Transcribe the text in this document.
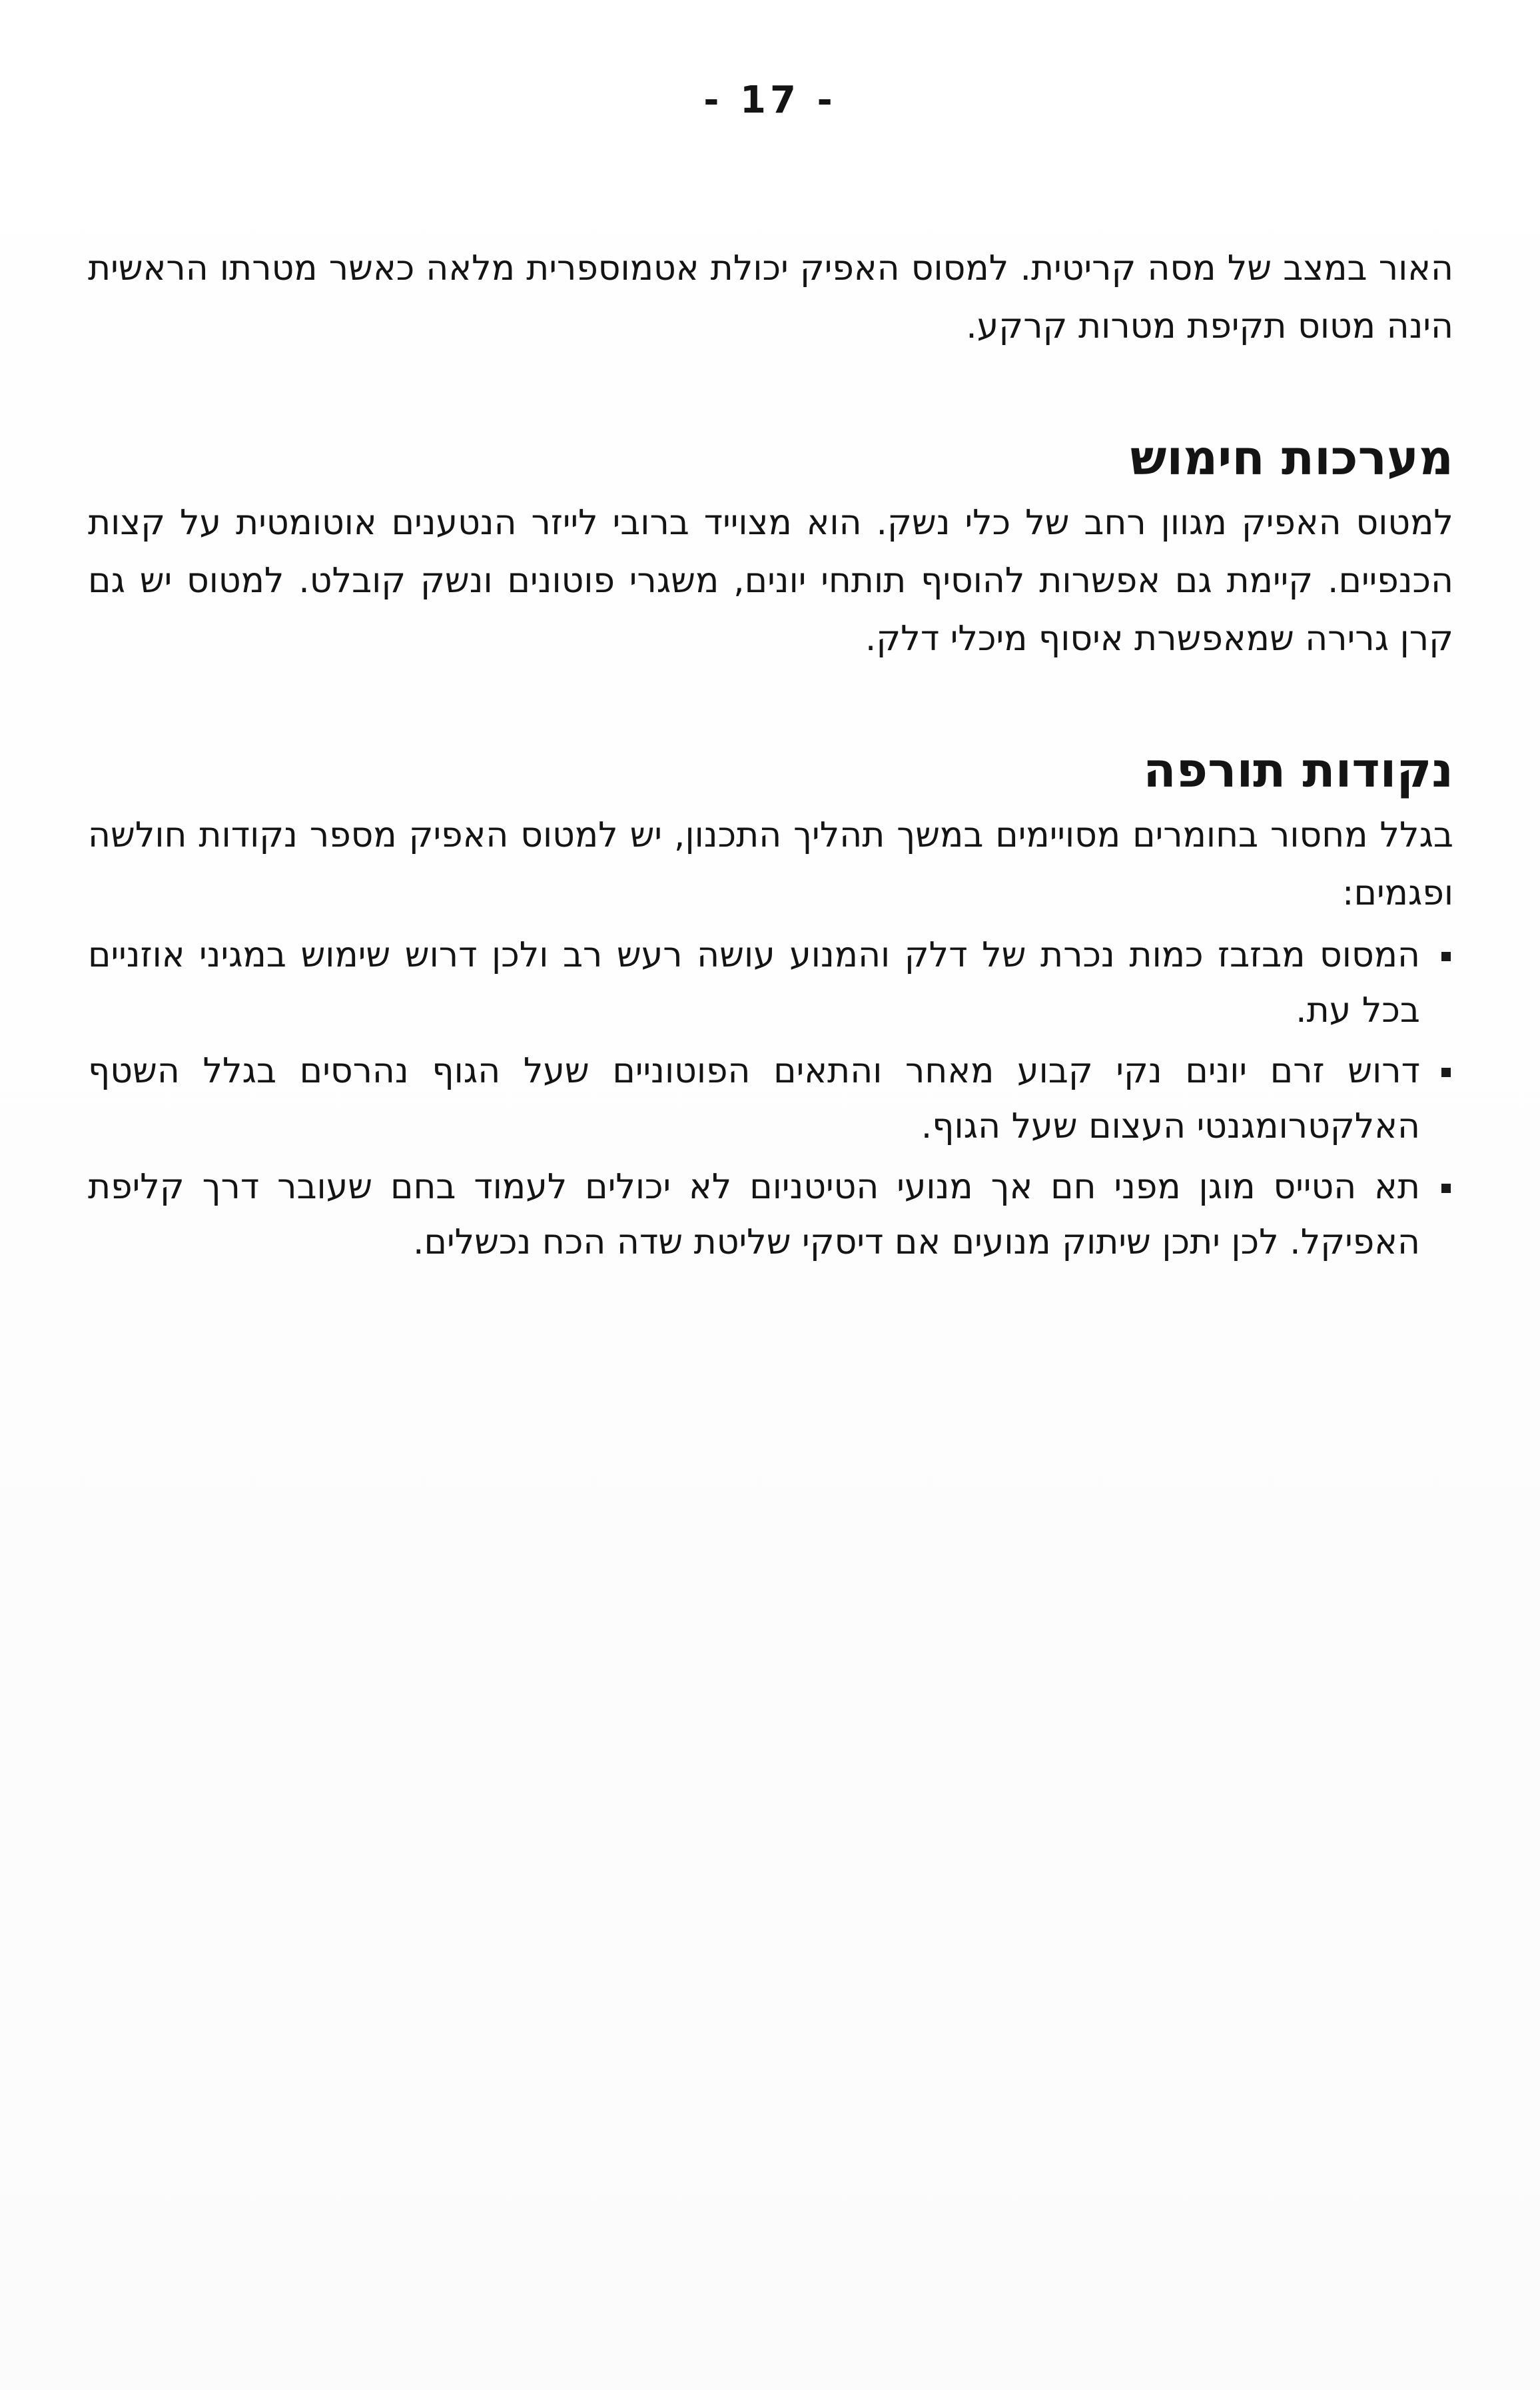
- 17 -

האור במצב של מסה קריטית. למסוס האפיק יכולת אטמוספרית מלאה כאשר מטרתו הראשית הינה מטוס תקיפת מטרות קרקע.

מערכות חימוש

למטוס האפיק מגוון רחב של כלי נשק. הוא מצוייד ברובי לייזר הנטענים אוטומטית על קצות הכנפיים. קיימת גם אפשרות להוסיף תותחי יונים, משגרי פוטונים ונשק קובלט. למטוס יש גם קרן גרירה שמאפשרת איסוף מיכלי דלק.

נקודות תורפה

בגלל מחסור בחומרים מסויימים במשך תהליך התכנון, יש למטוס האפיק מספר נקודות חולשה ופגמים:

המסוס מבזבז כמות נכרת של דלק והמנוע עושה רעש רב ולכן דרוש שימוש במגיני אוזניים בכל עת.
דרוש זרם יונים נקי קבוע מאחר והתאים הפוטוניים שעל הגוף נהרסים בגלל השטף האלקטרומגנטי העצום שעל הגוף.
תא הטייס מוגן מפני חם אך מנועי הטיטניום לא יכולים לעמוד בחם שעובר דרך קליפת האפיקל. לכן יתכן שיתוק מנועים אם דיסקי שליטת שדה הכח נכשלים.
